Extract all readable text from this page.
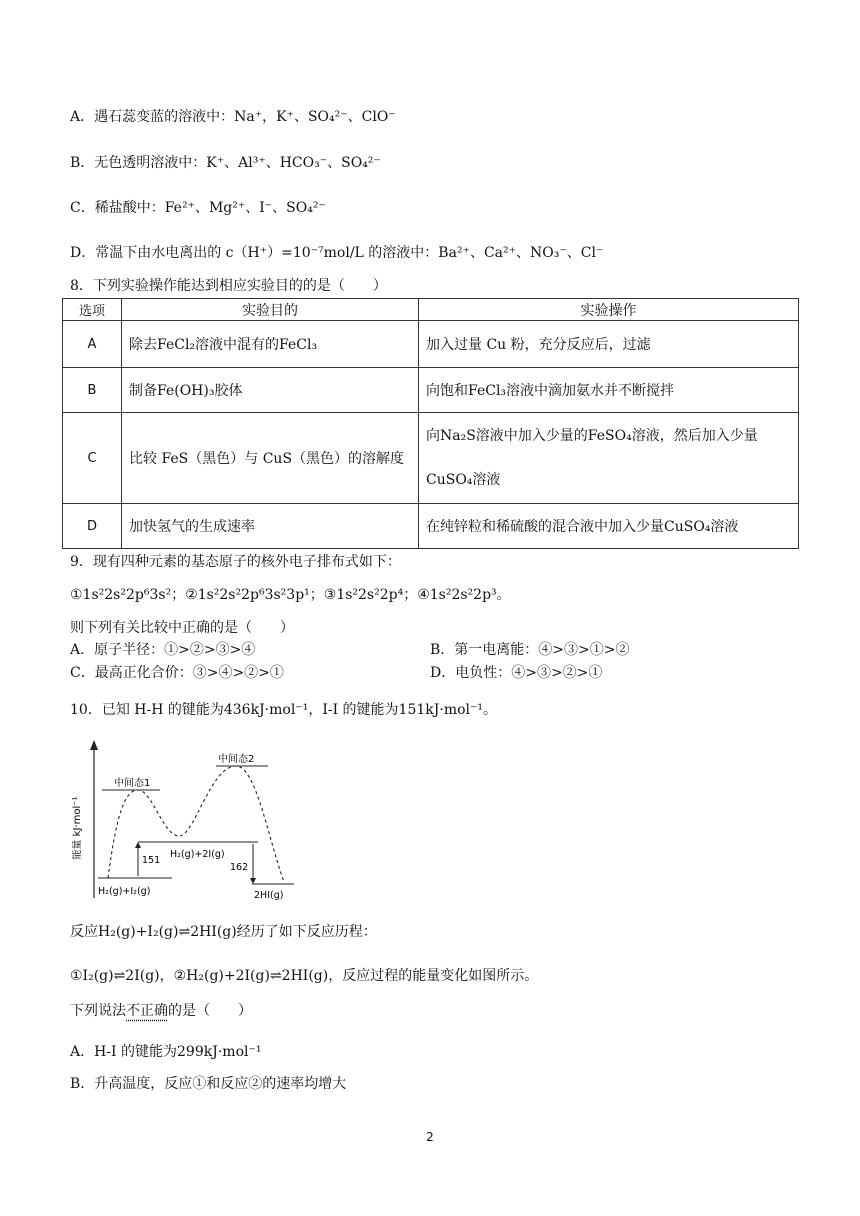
A．遇石蕊变蓝的溶液中：Na⁺，K⁺、SO₄²⁻、ClO⁻
B．无色透明溶液中：K⁺、Al³⁺、HCO₃⁻、SO₄²⁻
C．稀盐酸中：Fe²⁺、Mg²⁺、I⁻、SO₄²⁻
D．常温下由水电离出的 c（H⁺）=10⁻⁷mol/L 的溶液中：Ba²⁺、Ca²⁺、NO₃⁻、Cl⁻
8．下列实验操作能达到相应实验目的的是（　　）
选项	实验目的	实验操作
A	除去FeCl₂溶液中混有的FeCl₃	加入过量 Cu 粉，充分反应后，过滤
B	制备Fe(OH)₃胶体	向饱和FeCl₃溶液中滴加氨水并不断搅拌
C	比较 FeS（黑色）与 CuS（黑色）的溶解度	向Na₂S溶液中加入少量的FeSO₄溶液，然后加入少量
CuSO₄溶液

D	加快氢气的生成速率	在纯锌粒和稀硫酸的混合液中加入少量CuSO₄溶液
9．现有四种元素的基态原子的核外电子排布式如下：
①1s²2s²2p⁶3s²；②1s²2s²2p⁶3s²3p¹；③1s²2s²2p⁴；④1s²2s²2p³。
则下列有关比较中正确的是（　　）
A．原子半径：①>②>③>④	B．第一电离能：④>③>①>②
C．最高正化合价：③>④>②>①	D．电负性：④>③>②>①
10．已知 H-H 的键能为436kJ·mol⁻¹，I-I 的键能为151kJ·mol⁻¹。
能量 kJ·mol⁻¹
中间态1
中间态2
H₂(g)+I₂(g)
H₂(g)+2I(g)
2HI(g)
151
162
反应H₂(g)+I₂(g)⇌2HI(g)经历了如下反应历程：
①I₂(g)⇌2I(g)，②H₂(g)+2I(g)⇌2HI(g)，反应过程的能量变化如图所示。
下列说法不正确的是（　　）
A．H-I 的键能为299kJ·mol⁻¹
B．升高温度，反应①和反应②的速率均增大
2
